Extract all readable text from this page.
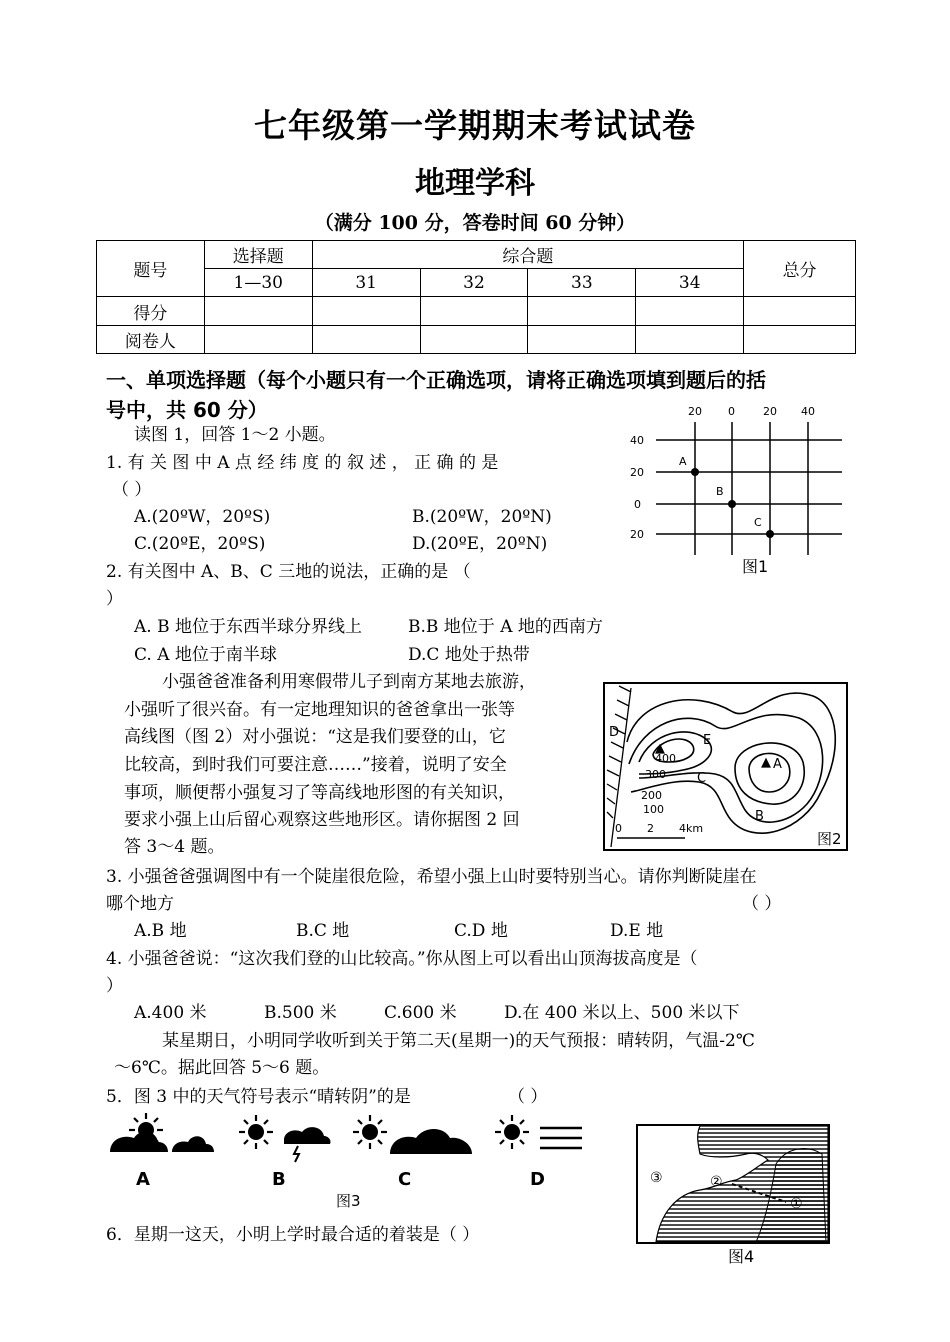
七年级第一学期期末考试试卷
地理学科
（满分 100 分，答卷时间 60 分钟）
题号	选择题	综合题				总分
	1—30	31	32	33	34	
得分						
阅卷人						
一、单项选择题（每个小题只有一个正确选项，请将正确选项填到题后的括
号中，共 60 分）
读图 1，回答 1～2 小题。
1. 有 关 图 中 A 点 经 纬 度 的 叙 述 ， 正 确 的 是
（ ）
A.(20ºW，20ºS)	B.(20ºW，20ºN)
C.(20ºE，20ºS)	D.(20ºE，20ºN)
2. 有关图中 A、B、C 三地的说法，正确的是 （
）
A. B 地位于东西半球分界线上	B.B 地位于 A 地的西南方
C. A 地位于南半球	D.C 地处于热带
小强爸爸准备利用寒假带儿子到南方某地去旅游，
小强听了很兴奋。有一定地理知识的爸爸拿出一张等
高线图（图 2）对小强说：“这是我们要登的山，它
比较高，到时我们可要注意……”接着，说明了安全
事项，顺便帮小强复习了等高线地形图的有关知识，
要求小强上山后留心观察这些地形区。请你据图 2 回
答 3～4 题。
3. 小强爸爸强调图中有一个陡崖很危险，希望小强上山时要特别当心。请你判断陡崖在
哪个地方	（ ）
A.B 地	B.C 地	C.D 地	D.E 地
4. 小强爸爸说：“这次我们登的山比较高。”你从图上可以看出山顶海拔高度是（
）
A.400 米	B.500 米	C.600 米	D.在 400 米以上、500 米以下
某星期日，小明同学收听到关于第二天(星期一)的天气预报：晴转阴，气温-2℃
～6℃。据此回答 5～6 题。
5．图 3 中的天气符号表示“晴转阴”的是	（ ）
6．星期一这天，小明上学时最合适的着装是（ ）
20 0	20 40
40
20
0
20
A
B
C
图1
▲
400
300
200
100
D
E
▲ A
C
B
0 2 4km
图2
A	B	C	D
图3
③	②
①
图4
